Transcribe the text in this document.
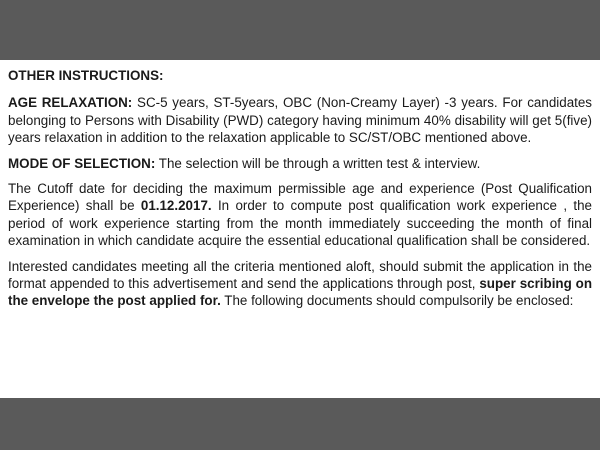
OTHER INSTRUCTIONS:

AGE RELAXATION: SC-5 years, ST-5years, OBC (Non-Creamy Layer) -3 years. For candidates belonging to Persons with Disability (PWD) category having minimum 40% disability will get 5(five) years relaxation in addition to the relaxation applicable to SC/ST/OBC mentioned above.

MODE OF SELECTION: The selection will be through a written test & interview.

The Cutoff date for deciding the maximum permissible age and experience (Post Qualification Experience) shall be 01.12.2017. In order to compute post qualification work experience , the period of work experience starting from the month immediately succeeding the month of final examination in which candidate acquire the essential educational qualification shall be considered.

Interested candidates meeting all the criteria mentioned aloft, should submit the application in the format appended to this advertisement and send the applications through post, super scribing on the envelope the post applied for. The following documents should compulsorily be enclosed:
